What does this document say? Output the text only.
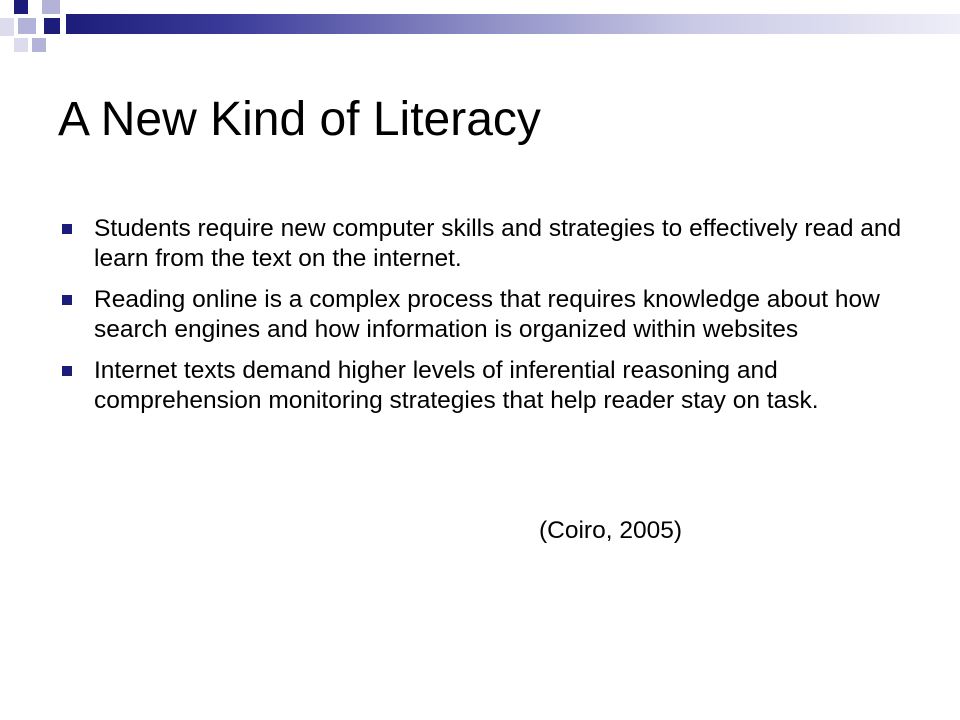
A New Kind of Literacy
Students require new computer skills and strategies to effectively read and learn from the text on the internet.
Reading online is a complex process that requires knowledge about how search engines and how information is organized within websites
Internet texts demand higher levels of inferential reasoning and comprehension monitoring strategies that help reader stay on task.
(Coiro, 2005)
